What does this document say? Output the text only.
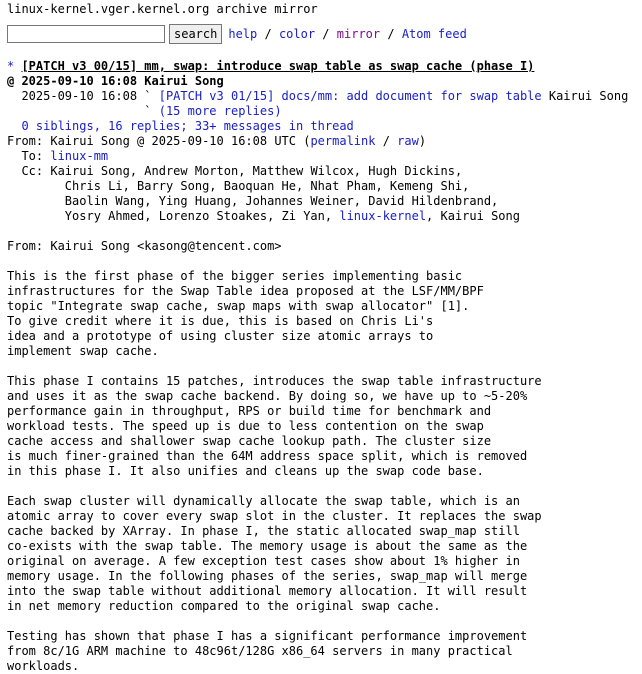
linux-kernel.vger.kernel.org archive mirror
search help / color / mirror / Atom feed
* [PATCH v3 00/15] mm, swap: introduce swap table as swap cache (phase I)
@ 2025-09-10 16:08 Kairui Song
2025-09-10 16:08 ` [PATCH v3 01/15] docs/mm: add document for swap table Kairui Song
` (15 more replies)
0 siblings, 16 replies; 33+ messages in thread
From: Kairui Song @ 2025-09-10 16:08 UTC (permalink / raw)
To: linux-mm
Cc: Kairui Song, Andrew Morton, Matthew Wilcox, Hugh Dickins,
Chris Li, Barry Song, Baoquan He, Nhat Pham, Kemeng Shi,
Baolin Wang, Ying Huang, Johannes Weiner, David Hildenbrand,
Yosry Ahmed, Lorenzo Stoakes, Zi Yan, linux-kernel, Kairui Song
From: Kairui Song <kasong@tencent.com>

This is the first phase of the bigger series implementing basic
infrastructures for the Swap Table idea proposed at the LSF/MM/BPF
topic "Integrate swap cache, swap maps with swap allocator" [1].
To give credit where it is due, this is based on Chris Li's
idea and a prototype of using cluster size atomic arrays to
implement swap cache.

This phase I contains 15 patches, introduces the swap table infrastructure
and uses it as the swap cache backend. By doing so, we have up to ~5-20%
performance gain in throughput, RPS or build time for benchmark and
workload tests. The speed up is due to less contention on the swap
cache access and shallower swap cache lookup path. The cluster size
is much finer-grained than the 64M address space split, which is removed
in this phase I. It also unifies and cleans up the swap code base.

Each swap cluster will dynamically allocate the swap table, which is an
atomic array to cover every swap slot in the cluster. It replaces the swap
cache backed by XArray. In phase I, the static allocated swap_map still
co-exists with the swap table. The memory usage is about the same as the
original on average. A few exception test cases show about 1% higher in
memory usage. In the following phases of the series, swap_map will merge
into the swap table without additional memory allocation. It will result
in net memory reduction compared to the original swap cache.

Testing has shown that phase I has a significant performance improvement
from 8c/1G ARM machine to 48c96t/128G x86_64 servers in many practical
workloads.
